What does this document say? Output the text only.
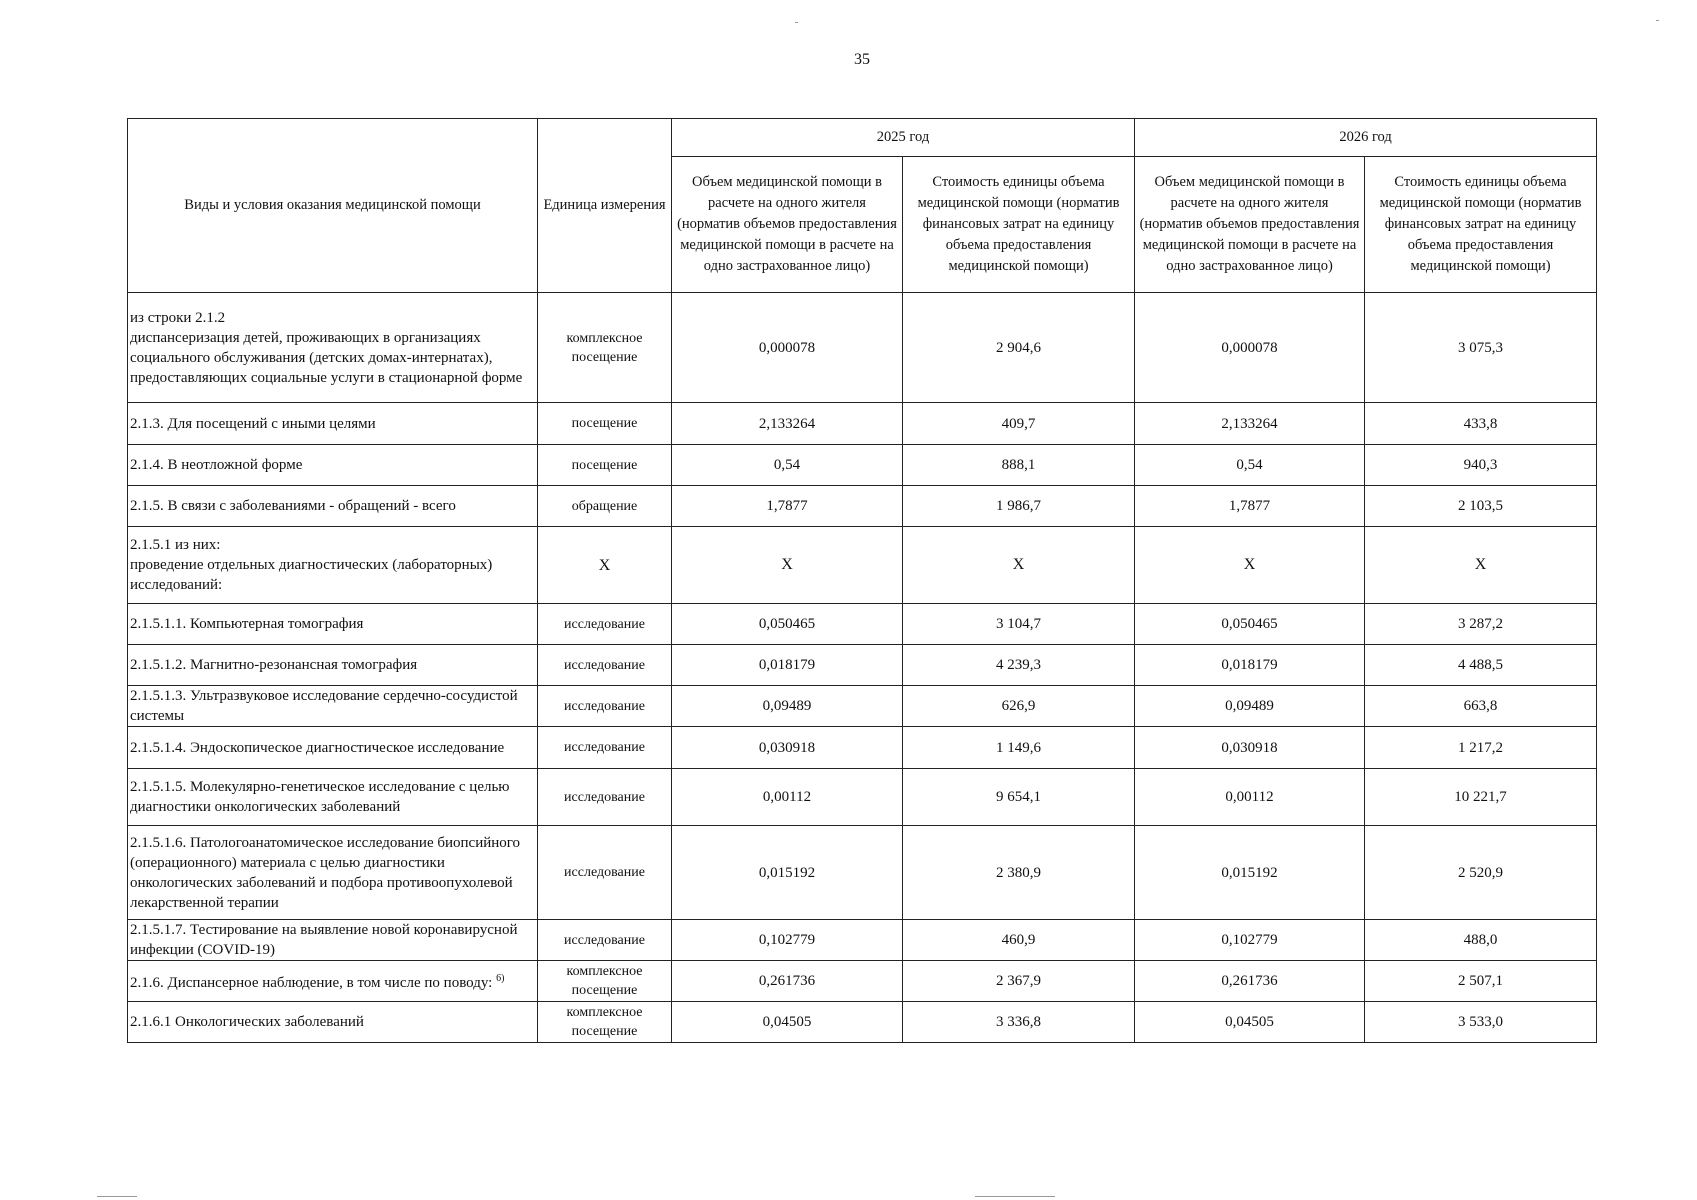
35
Виды и условия оказания медицинской помощи	Единица измерения	2025 год		2026 год	
		Объем медицинской помощи в расчете на одного жителя (норматив объемов предоставления медицинской помощи в расчете на одно застрахованное лицо)	Стоимость единицы объема медицинской помощи (норматив финансовых затрат на единицу объема предоставления медицинской помощи)	Объем медицинской помощи в расчете на одного жителя (норматив объемов предоставления медицинской помощи в расчете на одно застрахованное лицо)	Стоимость единицы объема медицинской помощи (норматив финансовых затрат на единицу объема предоставления медицинской помощи)
из строки 2.1.2
диспансеризация детей, проживающих в организациях социального обслуживания (детских домах-интернатах), предоставляющих социальные услуги в стационарной форме	комплексное посещение	0,000078	2 904,6	0,000078	3 075,3
2.1.3. Для посещений с иными целями	посещение	2,133264	409,7	2,133264	433,8
2.1.4. В неотложной форме	посещение	0,54	888,1	0,54	940,3
2.1.5. В связи с заболеваниями - обращений - всего	обращение	1,7877	1 986,7	1,7877	2 103,5
2.1.5.1 из них:
проведение отдельных диагностических (лабораторных) исследований:	X	X	X	X	X
2.1.5.1.1. Компьютерная томография	исследование	0,050465	3 104,7	0,050465	3 287,2
2.1.5.1.2. Магнитно-резонансная томография	исследование	0,018179	4 239,3	0,018179	4 488,5
2.1.5.1.3. Ультразвуковое исследование сердечно-сосудистой системы	исследование	0,09489	626,9	0,09489	663,8
2.1.5.1.4. Эндоскопическое диагностическое исследование	исследование	0,030918	1 149,6	0,030918	1 217,2
2.1.5.1.5. Молекулярно-генетическое исследование с целью диагностики онкологических заболеваний	исследование	0,00112	9 654,1	0,00112	10 221,7
2.1.5.1.6. Патологоанатомическое исследование биопсийного (операционного) материала с целью диагностики онкологических заболеваний и подбора противоопухолевой лекарственной терапии	исследование	0,015192	2 380,9	0,015192	2 520,9
2.1.5.1.7. Тестирование на выявление новой коронавирусной инфекции (COVID-19)	исследование	0,102779	460,9	0,102779	488,0
2.1.6. Диспансерное наблюдение, в том числе по поводу: $^{6)}$	комплексное посещение	0,261736	2 367,9	0,261736	2 507,1
2.1.6.1 Онкологических заболеваний	комплексное посещение	0,04505	3 336,8	0,04505	3 533,0
